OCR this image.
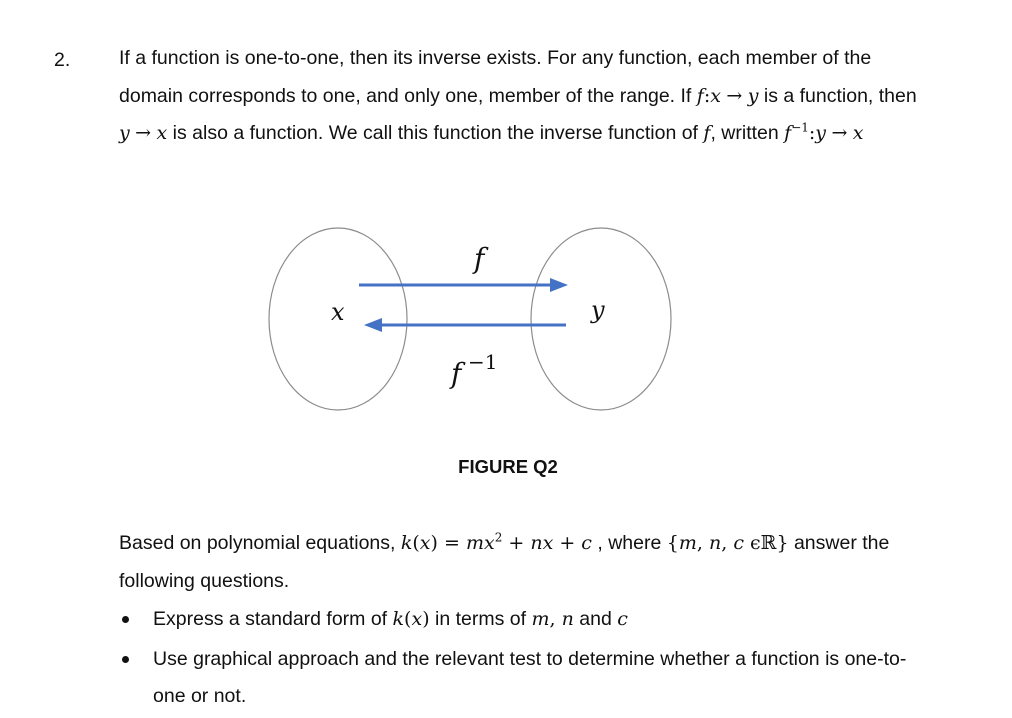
2. If a function is one-to-one, then its inverse exists. For any function, each member of the domain corresponds to one, and only one, member of the range. If f:x → y is a function, then y → x is also a function. We call this function the inverse function of f, written $f^{-1}:y \to x$
x	y
f
f −1
FIGURE Q2
Based on polynomial equations, $k(x) = mx^2$ + nx + c , where {m, n, c ϵℝ} answer the following questions.
Express a standard form of k(x) in terms of m, n and c
Use graphical approach and the relevant test to determine whether a function is one-to-one or not.
